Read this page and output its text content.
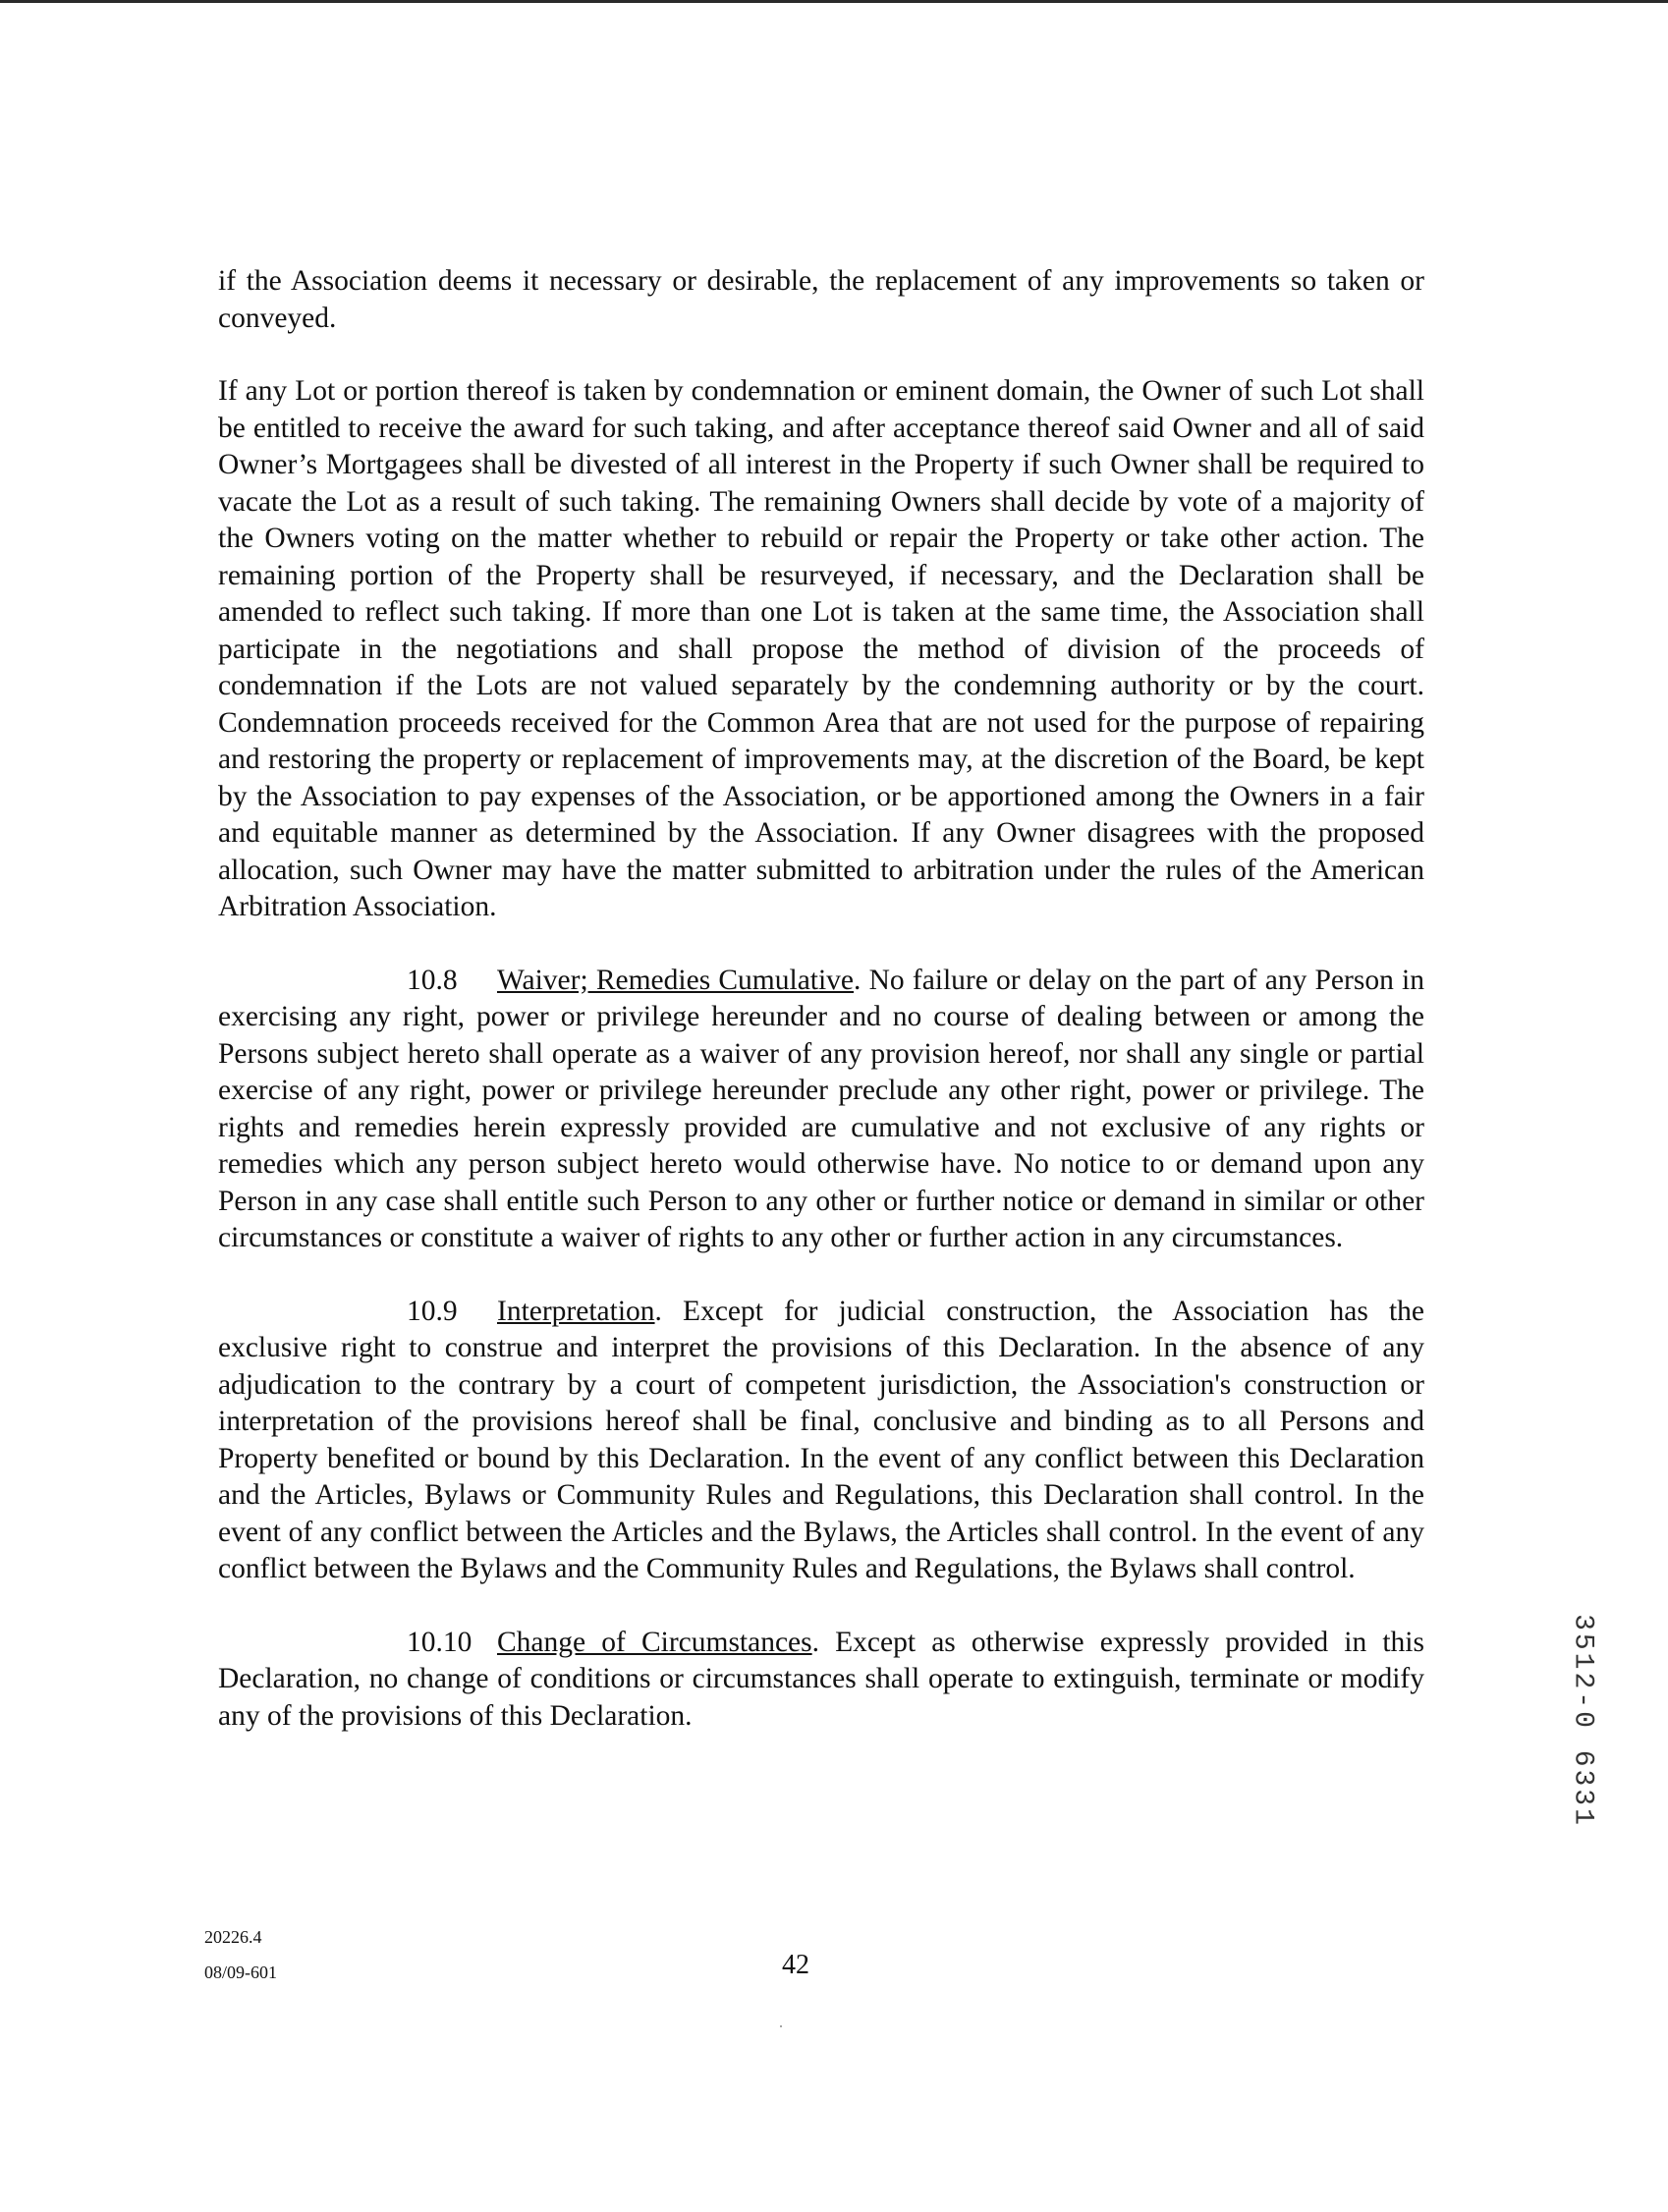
if the Association deems it necessary or desirable, the replacement of any improvements so taken or conveyed.

If any Lot or portion thereof is taken by condemnation or eminent domain, the Owner of such Lot shall be entitled to receive the award for such taking, and after acceptance thereof said Owner and all of said Owner’s Mortgagees shall be divested of all interest in the Property if such Owner shall be required to vacate the Lot as a result of such taking. The remaining Owners shall decide by vote of a majority of the Owners voting on the matter whether to rebuild or repair the Property or take other action. The remaining portion of the Property shall be resurveyed, if necessary, and the Declaration shall be amended to reflect such taking. If more than one Lot is taken at the same time, the Association shall participate in the negotiations and shall propose the method of division of the proceeds of condemnation if the Lots are not valued separately by the condemning authority or by the court. Condemnation proceeds received for the Common Area that are not used for the purpose of repairing and restoring the property or replacement of improvements may, at the discretion of the Board, be kept by the Association to pay expenses of the Association, or be apportioned among the Owners in a fair and equitable manner as determined by the Association. If any Owner disagrees with the proposed allocation, such Owner may have the matter submitted to arbitration under the rules of the American Arbitration Association.

10.8 Waiver; Remedies Cumulative. No failure or delay on the part of any Person in exercising any right, power or privilege hereunder and no course of dealing between or among the Persons subject hereto shall operate as a waiver of any provision hereof, nor shall any single or partial exercise of any right, power or privilege hereunder preclude any other right, power or privilege. The rights and remedies herein expressly provided are cumulative and not exclusive of any rights or remedies which any person subject hereto would otherwise have. No notice to or demand upon any Person in any case shall entitle such Person to any other or further notice or demand in similar or other circumstances or constitute a waiver of rights to any other or further action in any circumstances.

10.9 Interpretation. Except for judicial construction, the Association has the exclusive right to construe and interpret the provisions of this Declaration. In the absence of any adjudication to the contrary by a court of competent jurisdiction, the Association's construction or interpretation of the provisions hereof shall be final, conclusive and binding as to all Persons and Property benefited or bound by this Declaration. In the event of any conflict between this Declaration and the Articles, Bylaws or Community Rules and Regulations, this Declaration shall control. In the event of any conflict between the Articles and the Bylaws, the Articles shall control. In the event of any conflict between the Bylaws and the Community Rules and Regulations, the Bylaws shall control.

10.10 Change of Circumstances. Except as otherwise expressly provided in this Declaration, no change of conditions or circumstances shall operate to extinguish, terminate or modify any of the provisions of this Declaration.

20226.4
08/09-601	42
3512-0 6331
